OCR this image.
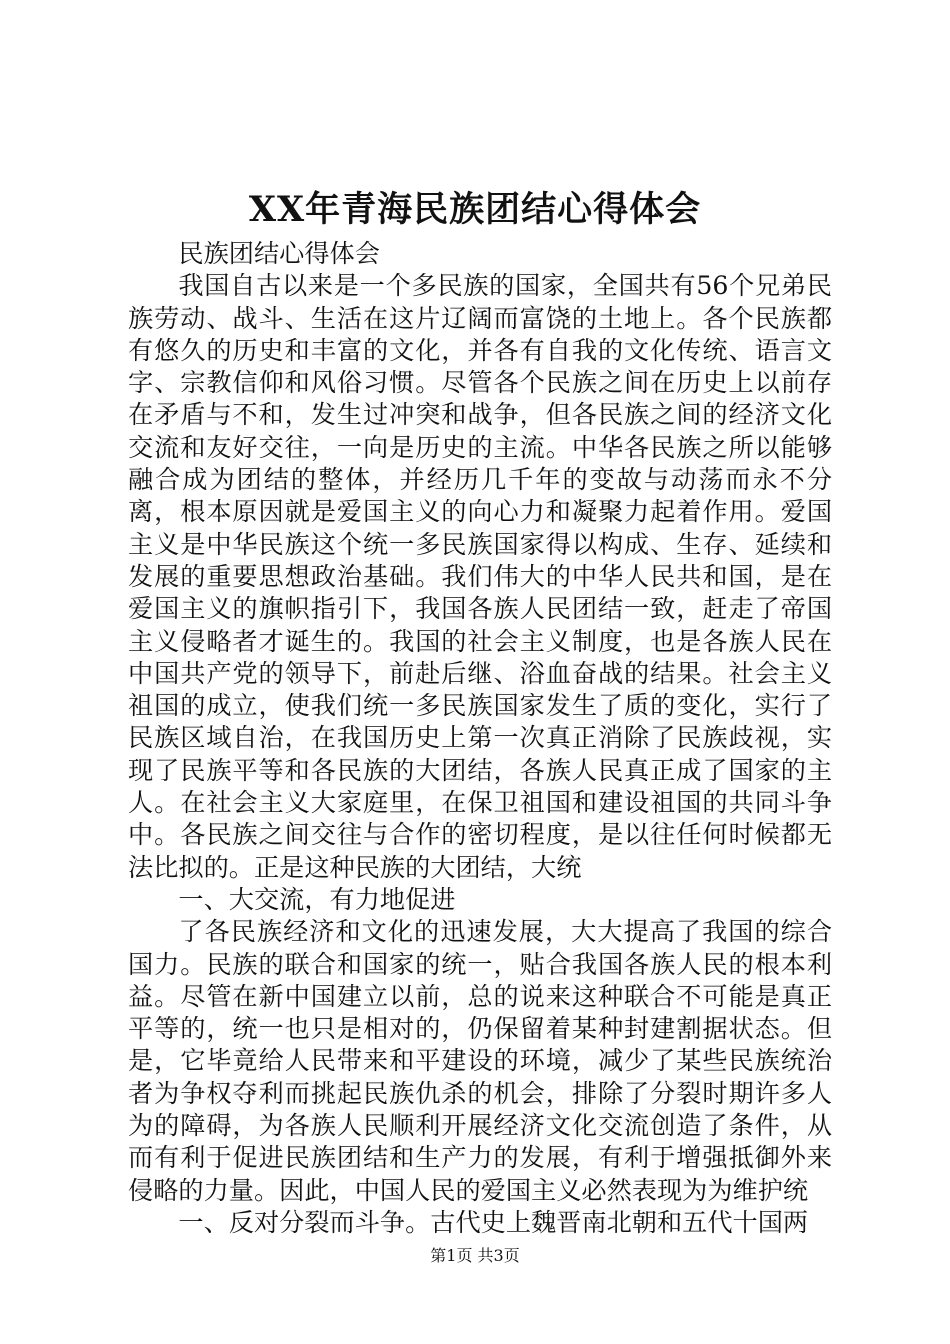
XX年青海民族团结心得体会

民族团结心得体会

我国自古以来是一个多民族的国家，全国共有56个兄弟民族劳动、战斗、生活在这片辽阔而富饶的土地上。各个民族都有悠久的历史和丰富的文化，并各有自我的文化传统、语言文字、宗教信仰和风俗习惯。尽管各个民族之间在历史上以前存在矛盾与不和，发生过冲突和战争，但各民族之间的经济文化交流和友好交往，一向是历史的主流。中华各民族之所以能够融合成为团结的整体，并经历几千年的变故与动荡而永不分离，根本原因就是爱国主义的向心力和凝聚力起着作用。爱国主义是中华民族这个统一多民族国家得以构成、生存、延续和发展的重要思想政治基础。我们伟大的中华人民共和国，是在爱国主义的旗帜指引下，我国各族人民团结一致，赶走了帝国主义侵略者才诞生的。我国的社会主义制度，也是各族人民在中国共产党的领导下，前赴后继、浴血奋战的结果。社会主义祖国的成立，使我们统一多民族国家发生了质的变化，实行了民族区域自治，在我国历史上第一次真正消除了民族歧视，实现了民族平等和各民族的大团结，各族人民真正成了国家的主人。在社会主义大家庭里，在保卫祖国和建设祖国的共同斗争中。各民族之间交往与合作的密切程度，是以往任何时候都无法比拟的。正是这种民族的大团结，大统

一、大交流，有力地促进

了各民族经济和文化的迅速发展，大大提高了我国的综合国力。民族的联合和国家的统一，贴合我国各族人民的根本利益。尽管在新中国建立以前，总的说来这种联合不可能是真正平等的，统一也只是相对的，仍保留着某种封建割据状态。但是，它毕竟给人民带来和平建设的环境，减少了某些民族统治者为争权夺利而挑起民族仇杀的机会，排除了分裂时期许多人为的障碍，为各族人民顺利开展经济文化交流创造了条件，从而有利于促进民族团结和生产力的发展，有利于增强抵御外来侵略的力量。因此，中国人民的爱国主义必然表现为为维护统

一、反对分裂而斗争。古代史上魏晋南北朝和五代十国两

第1页 共3页
